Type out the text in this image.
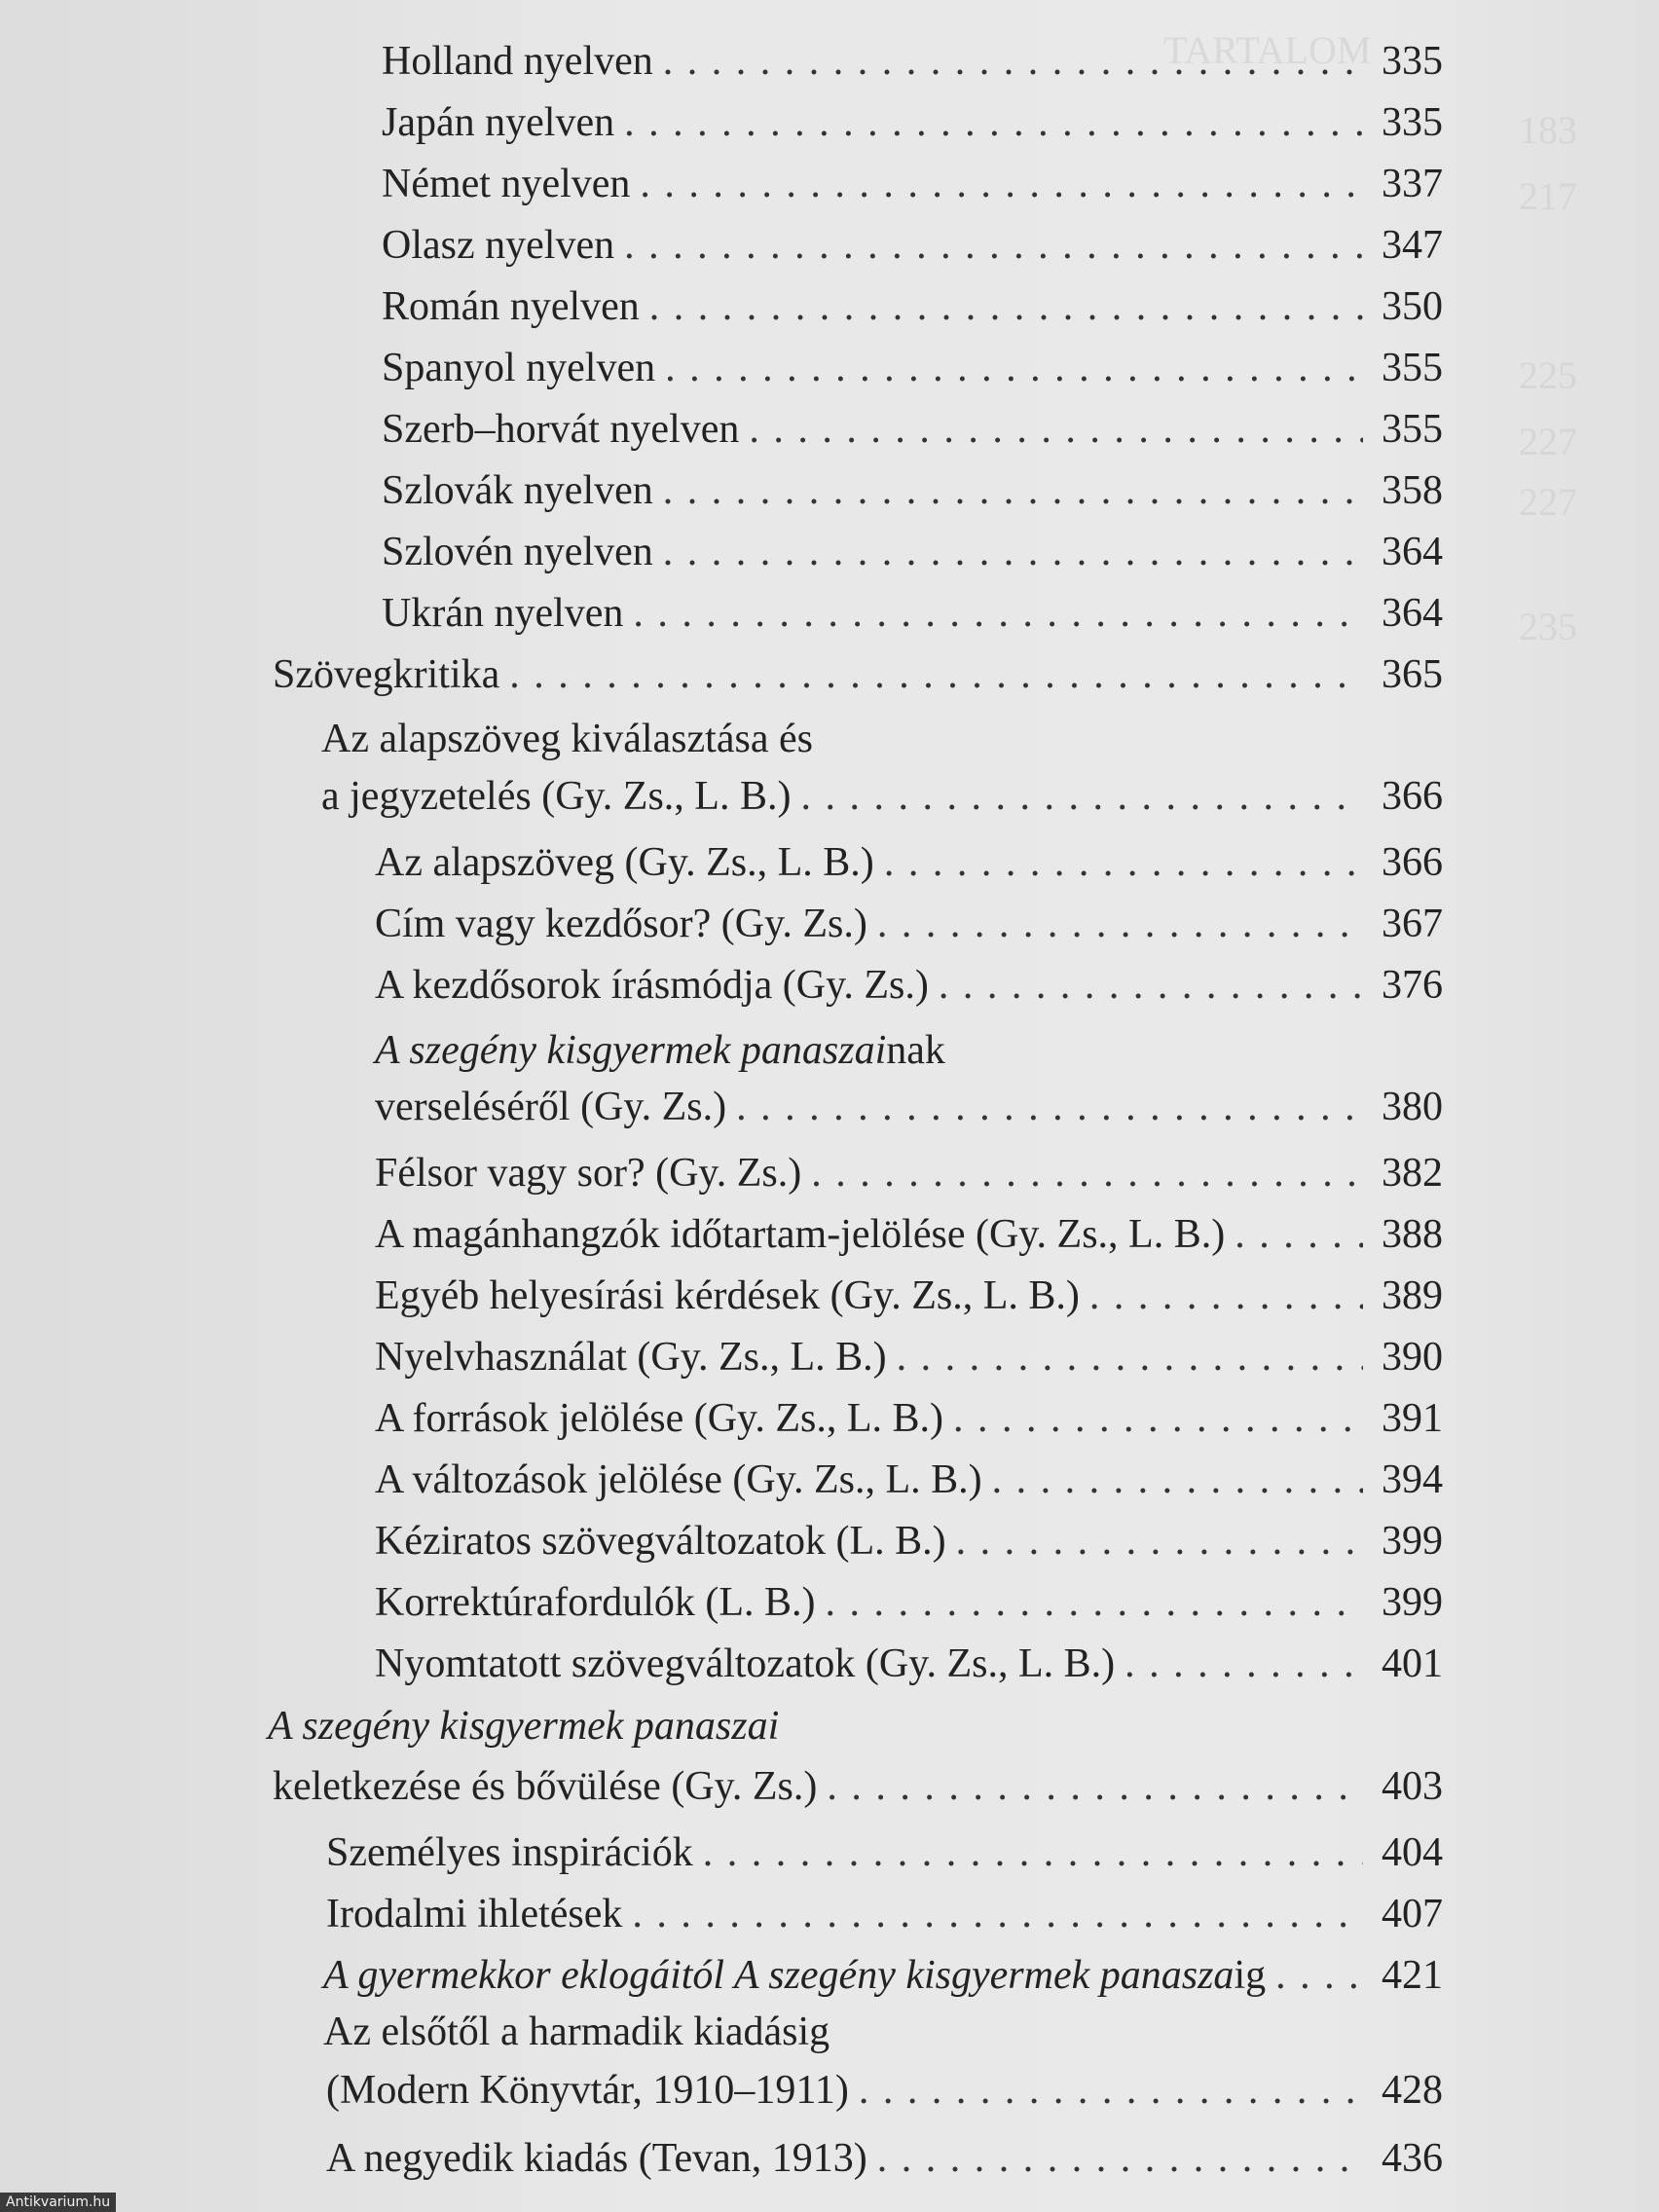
TARTALOM
183
217
225
227
227
235
Holland nyelven . . .	335
Japán nyelven . . .	335
Német nyelven . . .	337
Olasz nyelven . . .	347
Román nyelven . . .	350
Spanyol nyelven . . .	355
Szerb–horvát nyelven . . .	355
Szlovák nyelven . . .	358
Szlovén nyelven . . .	364
Ukrán nyelven . . .	364
Szövegkritika . . .	365
Az alapszöveg kiválasztása és
a jegyzetelés (Gy. Zs., L. B.) . . .	366
Az alapszöveg (Gy. Zs., L. B.) . . .	366
Cím vagy kezdősor? (Gy. Zs.) . . .	367
A kezdősorok írásmódja (Gy. Zs.) . . .	376
A szegény kisgyermek panaszainak
verseléséről (Gy. Zs.) . . .	380
Félsor vagy sor? (Gy. Zs.) . . .	382
A magánhangzók időtartam-jelölése (Gy. Zs., L. B.) . . .	388
Egyéb helyesírási kérdések (Gy. Zs., L. B.) . . .	389
Nyelvhasználat (Gy. Zs., L. B.) . . .	390
A források jelölése (Gy. Zs., L. B.) . . .	391
A változások jelölése (Gy. Zs., L. B.) . . .	394
Kéziratos szövegváltozatok (L. B.) . . .	399
Korrektúrafordulók (L. B.) . . .	399
Nyomtatott szövegváltozatok (Gy. Zs., L. B.) . . .	401
A szegény kisgyermek panaszai
keletkezése és bővülése (Gy. Zs.) . . .	403
Személyes inspirációk . . .	404
Irodalmi ihletések . . .	407
A gyermekkor eklogáitól A szegény kisgyermek panaszaig . . .	421
Az elsőtől a harmadik kiadásig
(Modern Könyvtár, 1910–1911) . . .	428
A negyedik kiadás (Tevan, 1913) . . .	436
Antikvarium.hu
